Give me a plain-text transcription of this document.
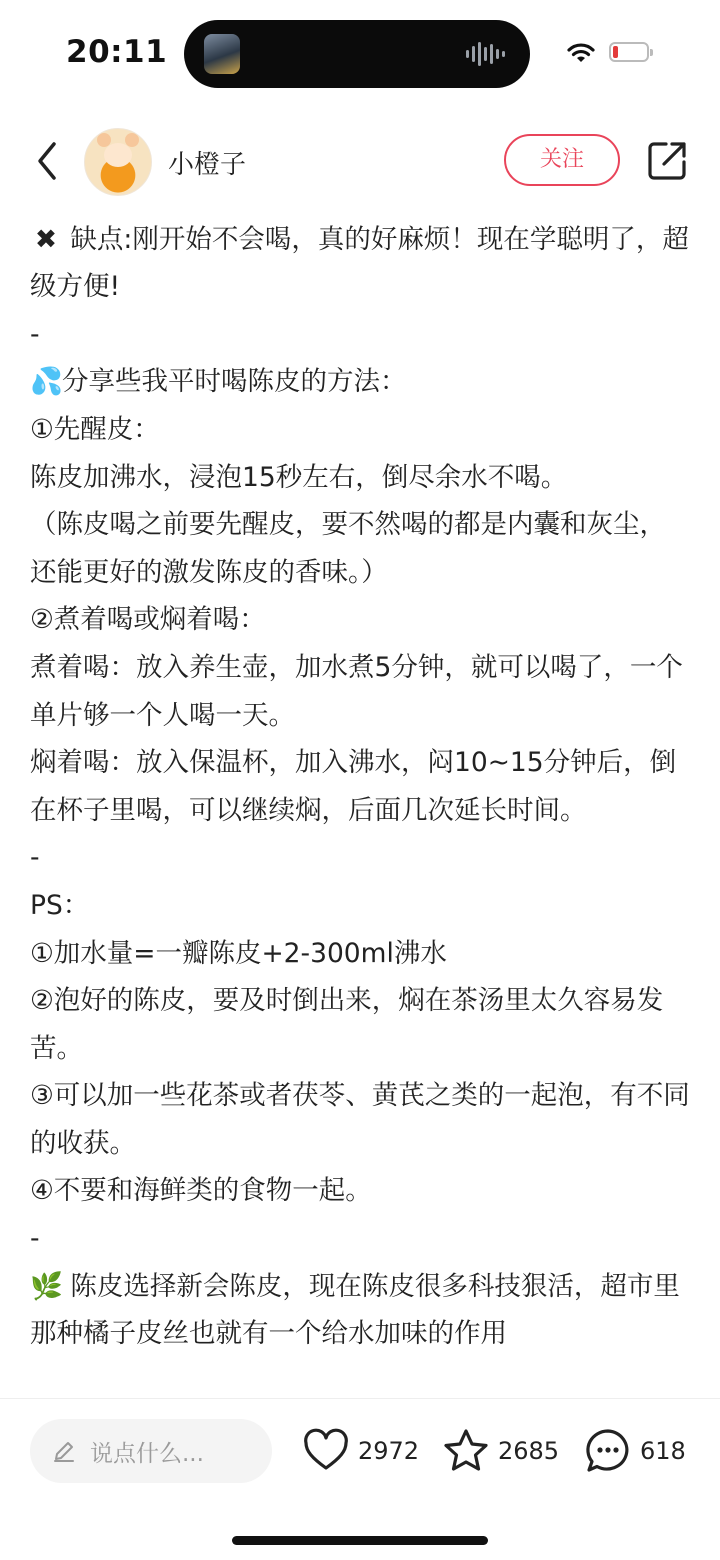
20:11
小橙子	关注

✖ 缺点:刚开始不会喝，真的好麻烦！现在学聪明了，超级方便!

-

💦分享些我平时喝陈皮的方法：

①先醒皮：

陈皮加沸水，浸泡15秒左右，倒尽余水不喝。

（陈皮喝之前要先醒皮，要不然喝的都是内囊和灰尘，还能更好的激发陈皮的香味。）

②煮着喝或焖着喝：

煮着喝：放入养生壶，加水煮5分钟，就可以喝了，一个单片够一个人喝一天。

焖着喝：放入保温杯，加入沸水，闷10~15分钟后，倒在杯子里喝，可以继续焖，后面几次延长时间。

-

PS：

①加水量=一瓣陈皮+2-300ml沸水

②泡好的陈皮，要及时倒出来，焖在茶汤里太久容易发苦。

③可以加一些花茶或者茯苓、黄芪之类的一起泡，有不同的收获。

④不要和海鲜类的食物一起。

-

🌿 陈皮选择新会陈皮，现在陈皮很多科技狠活，超市里那种橘子皮丝也就有一个给水加味的作用

说点什么...	2972	2685	618
